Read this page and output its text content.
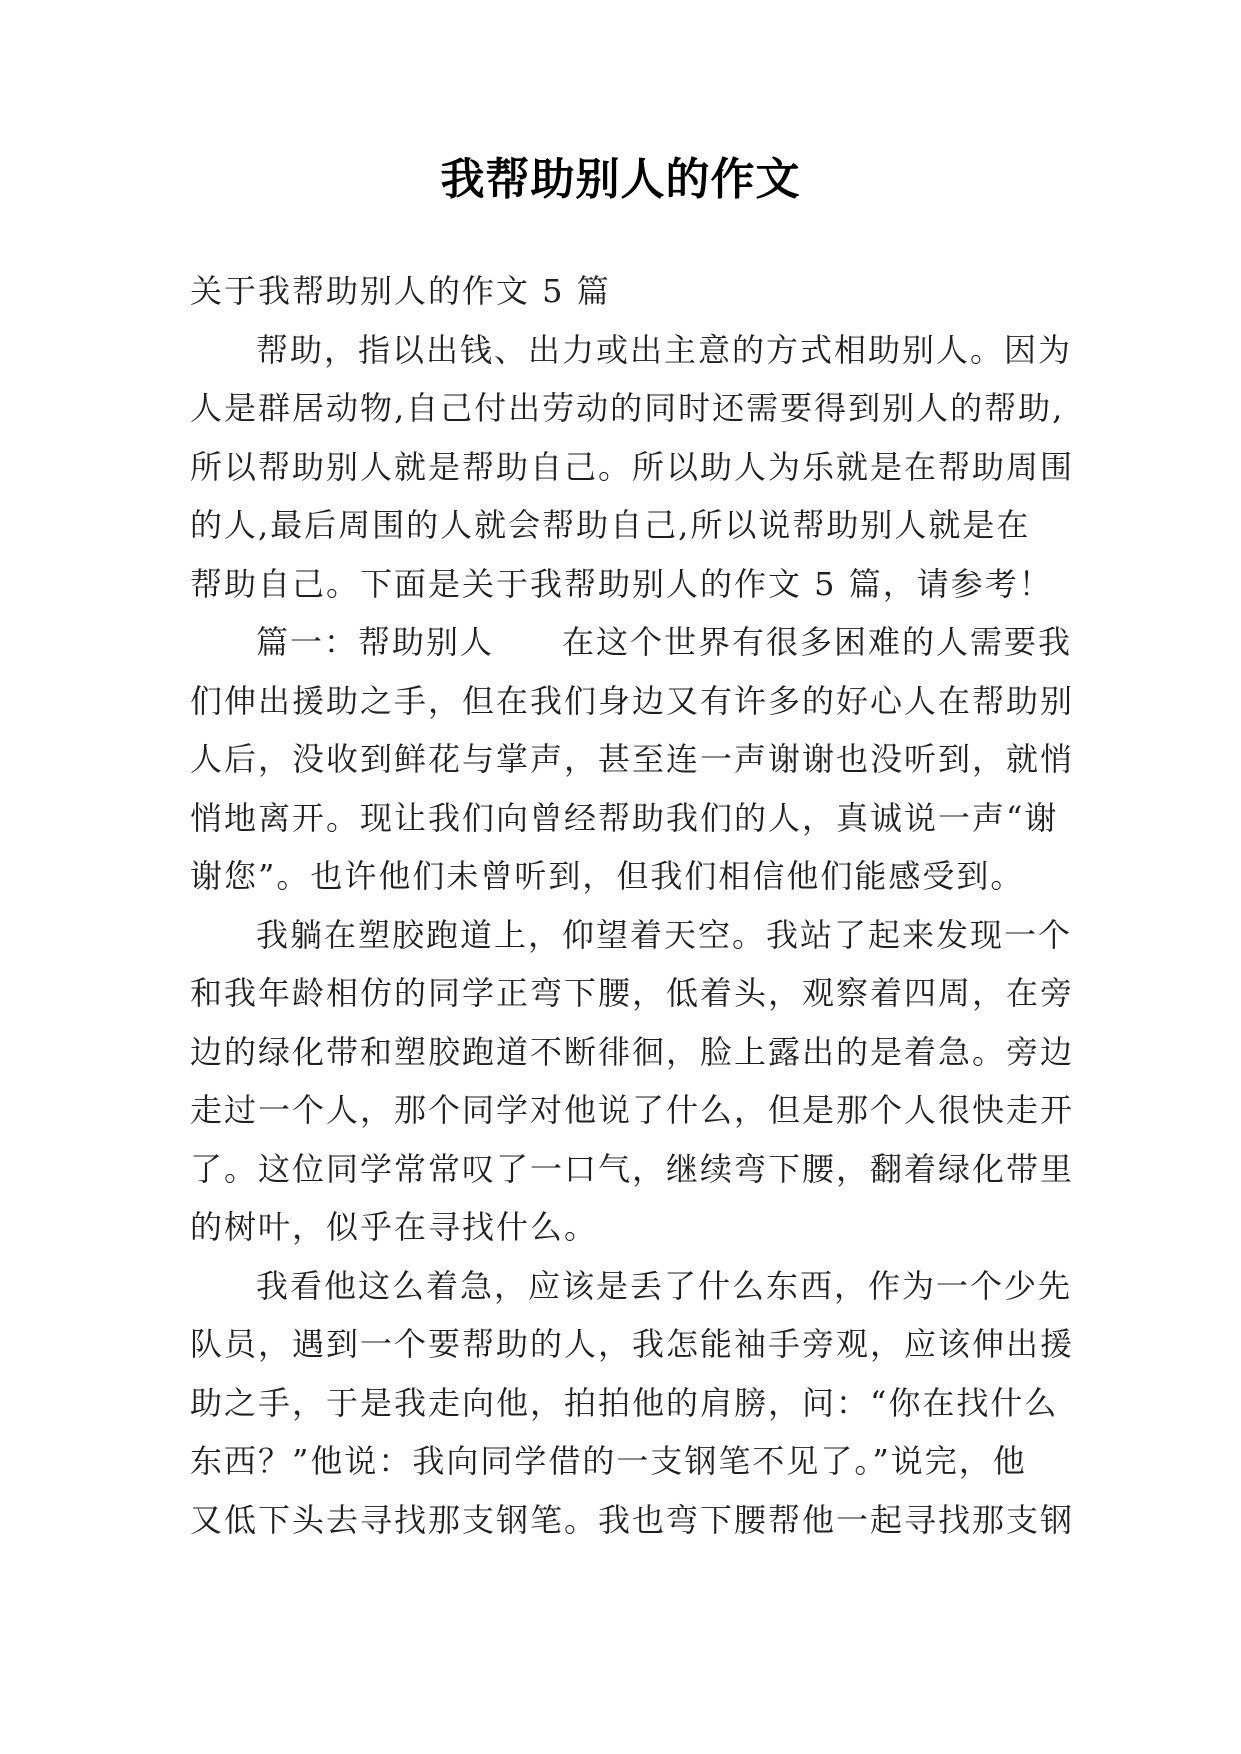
我帮助别人的作文
关于我帮助别人的作文 5 篇
帮助，指以出钱、出力或出主意的方式相助别人。因为
人是群居动物,自己付出劳动的同时还需要得到别人的帮助,
所以帮助别人就是帮助自己。所以助人为乐就是在帮助周围
的人,最后周围的人就会帮助自己,所以说帮助别人就是在
帮助自己。下面是关于我帮助别人的作文 5 篇，请参考！
篇一：帮助别人　　在这个世界有很多困难的人需要我
们伸出援助之手，但在我们身边又有许多的好心人在帮助别
人后，没收到鲜花与掌声，甚至连一声谢谢也没听到，就悄
悄地离开。现让我们向曾经帮助我们的人，真诚说一声“谢
谢您”。也许他们未曾听到，但我们相信他们能感受到。
我躺在塑胶跑道上，仰望着天空。我站了起来发现一个
和我年龄相仿的同学正弯下腰，低着头，观察着四周，在旁
边的绿化带和塑胶跑道不断徘徊，脸上露出的是着急。旁边
走过一个人，那个同学对他说了什么，但是那个人很快走开
了。这位同学常常叹了一口气，继续弯下腰，翻着绿化带里
的树叶，似乎在寻找什么。
我看他这么着急，应该是丢了什么东西，作为一个少先
队员，遇到一个要帮助的人，我怎能袖手旁观，应该伸出援
助之手，于是我走向他，拍拍他的肩膀，问：“你在找什么
东西？”他说：我向同学借的一支钢笔不见了。”说完，他
又低下头去寻找那支钢笔。我也弯下腰帮他一起寻找那支钢
